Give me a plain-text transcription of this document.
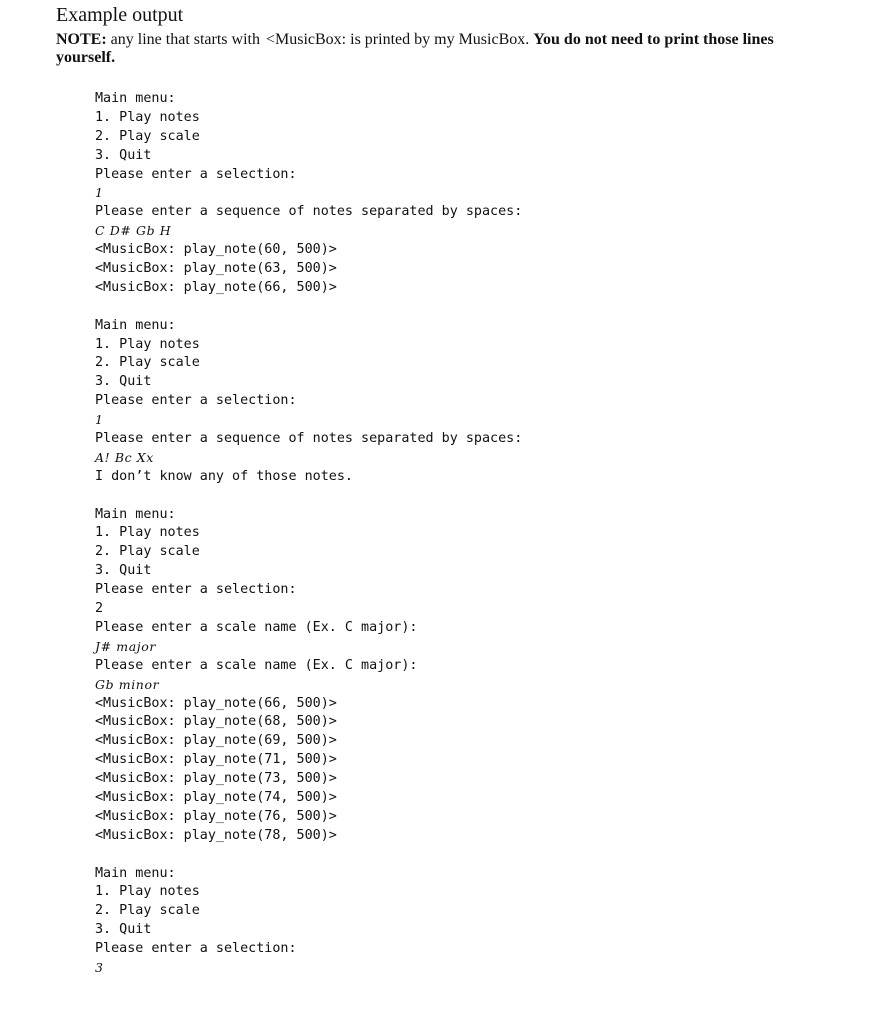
Example output
NOTE: any line that starts with <MusicBox: is printed by my MusicBox. You do not need to print those lines yourself.
Main menu:
1. Play notes
2. Play scale
3. Quit
Please enter a selection:
1
Please enter a sequence of notes separated by spaces:
C D# Gb H
<MusicBox: play_note(60, 500)>
<MusicBox: play_note(63, 500)>
<MusicBox: play_note(66, 500)>
Main menu:
1. Play notes
2. Play scale
3. Quit
Please enter a selection:
1
Please enter a sequence of notes separated by spaces:
A! Bc Xx
I don’t know any of those notes.
Main menu:
1. Play notes
2. Play scale
3. Quit
Please enter a selection:
2
Please enter a scale name (Ex. C major):
J# major
Please enter a scale name (Ex. C major):
Gb minor
<MusicBox: play_note(66, 500)>
<MusicBox: play_note(68, 500)>
<MusicBox: play_note(69, 500)>
<MusicBox: play_note(71, 500)>
<MusicBox: play_note(73, 500)>
<MusicBox: play_note(74, 500)>
<MusicBox: play_note(76, 500)>
<MusicBox: play_note(78, 500)>
Main menu:
1. Play notes
2. Play scale
3. Quit
Please enter a selection:
3
